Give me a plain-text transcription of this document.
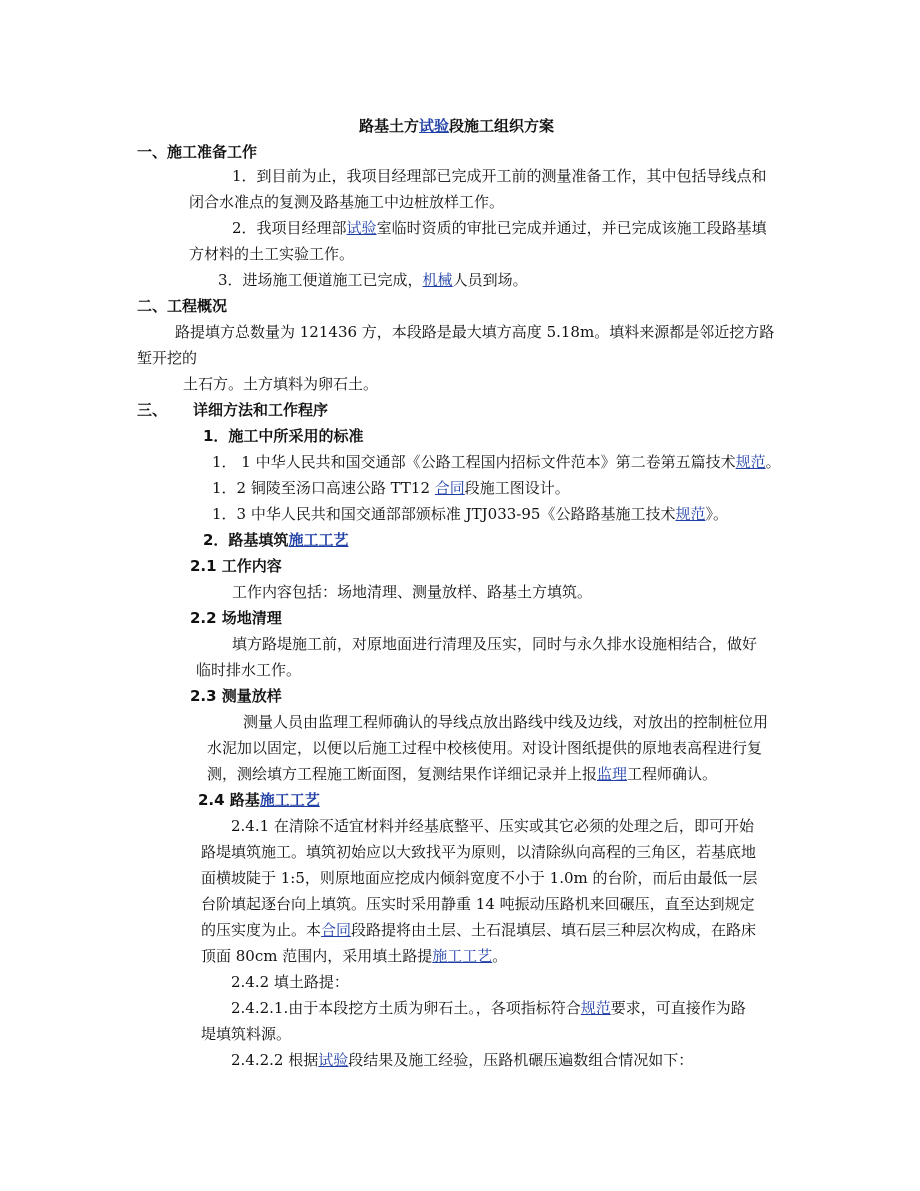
路基土方试验段施工组织方案
一、施工准备工作
1．到目前为止，我项目经理部已完成开工前的测量准备工作，其中包括导线点和
闭合水准点的复测及路基施工中边桩放样工作。
2．我项目经理部试验室临时资质的审批已完成并通过，并已完成该施工段路基填
方材料的土工实验工作。
3．进场施工便道施工已完成，机械人员到场。
二、工程概况
路提填方总数量为 121436 方，本段路是最大填方高度 5.18m。填料来源都是邻近挖方路
堑开挖的
土石方。土方填料为卵石土。
三、 详细方法和工作程序
1．施工中所采用的标准
1． 1 中华人民共和国交通部《公路工程国内招标文件范本》第二卷第五篇技术规范。
1．2 铜陵至汤口高速公路 TT12 合同段施工图设计。
1．3 中华人民共和国交通部部颁标准 JTJ033-95《公路路基施工技术规范》。
2．路基填筑施工工艺
2.1 工作内容
工作内容包括：场地清理、测量放样、路基土方填筑。
2.2 场地清理
填方路堤施工前，对原地面进行清理及压实，同时与永久排水设施相结合，做好
临时排水工作。
2.3 测量放样
测量人员由监理工程师确认的导线点放出路线中线及边线，对放出的控制桩位用
水泥加以固定，以便以后施工过程中校核使用。对设计图纸提供的原地表高程进行复
测，测绘填方工程施工断面图，复测结果作详细记录并上报监理工程师确认。
2.4 路基施工工艺
2.4.1 在清除不适宜材料并经基底整平、压实或其它必须的处理之后，即可开始
路堤填筑施工。填筑初始应以大致找平为原则，以清除纵向高程的三角区，若基底地
面横坡陡于 1:5，则原地面应挖成内倾斜宽度不小于 1.0m 的台阶，而后由最低一层
台阶填起逐台向上填筑。压实时采用静重 14 吨振动压路机来回碾压，直至达到规定
的压实度为止。本合同段路提将由土层、土石混填层、填石层三种层次构成，在路床
顶面 80cm 范围内，采用填土路提施工工艺。
2.4.2 填土路提：
2.4.2.1.由于本段挖方土质为卵石土。，各项指标符合规范要求，可直接作为路
堤填筑料源。
2.4.2.2 根据试验段结果及施工经验，压路机碾压遍数组合情况如下：
